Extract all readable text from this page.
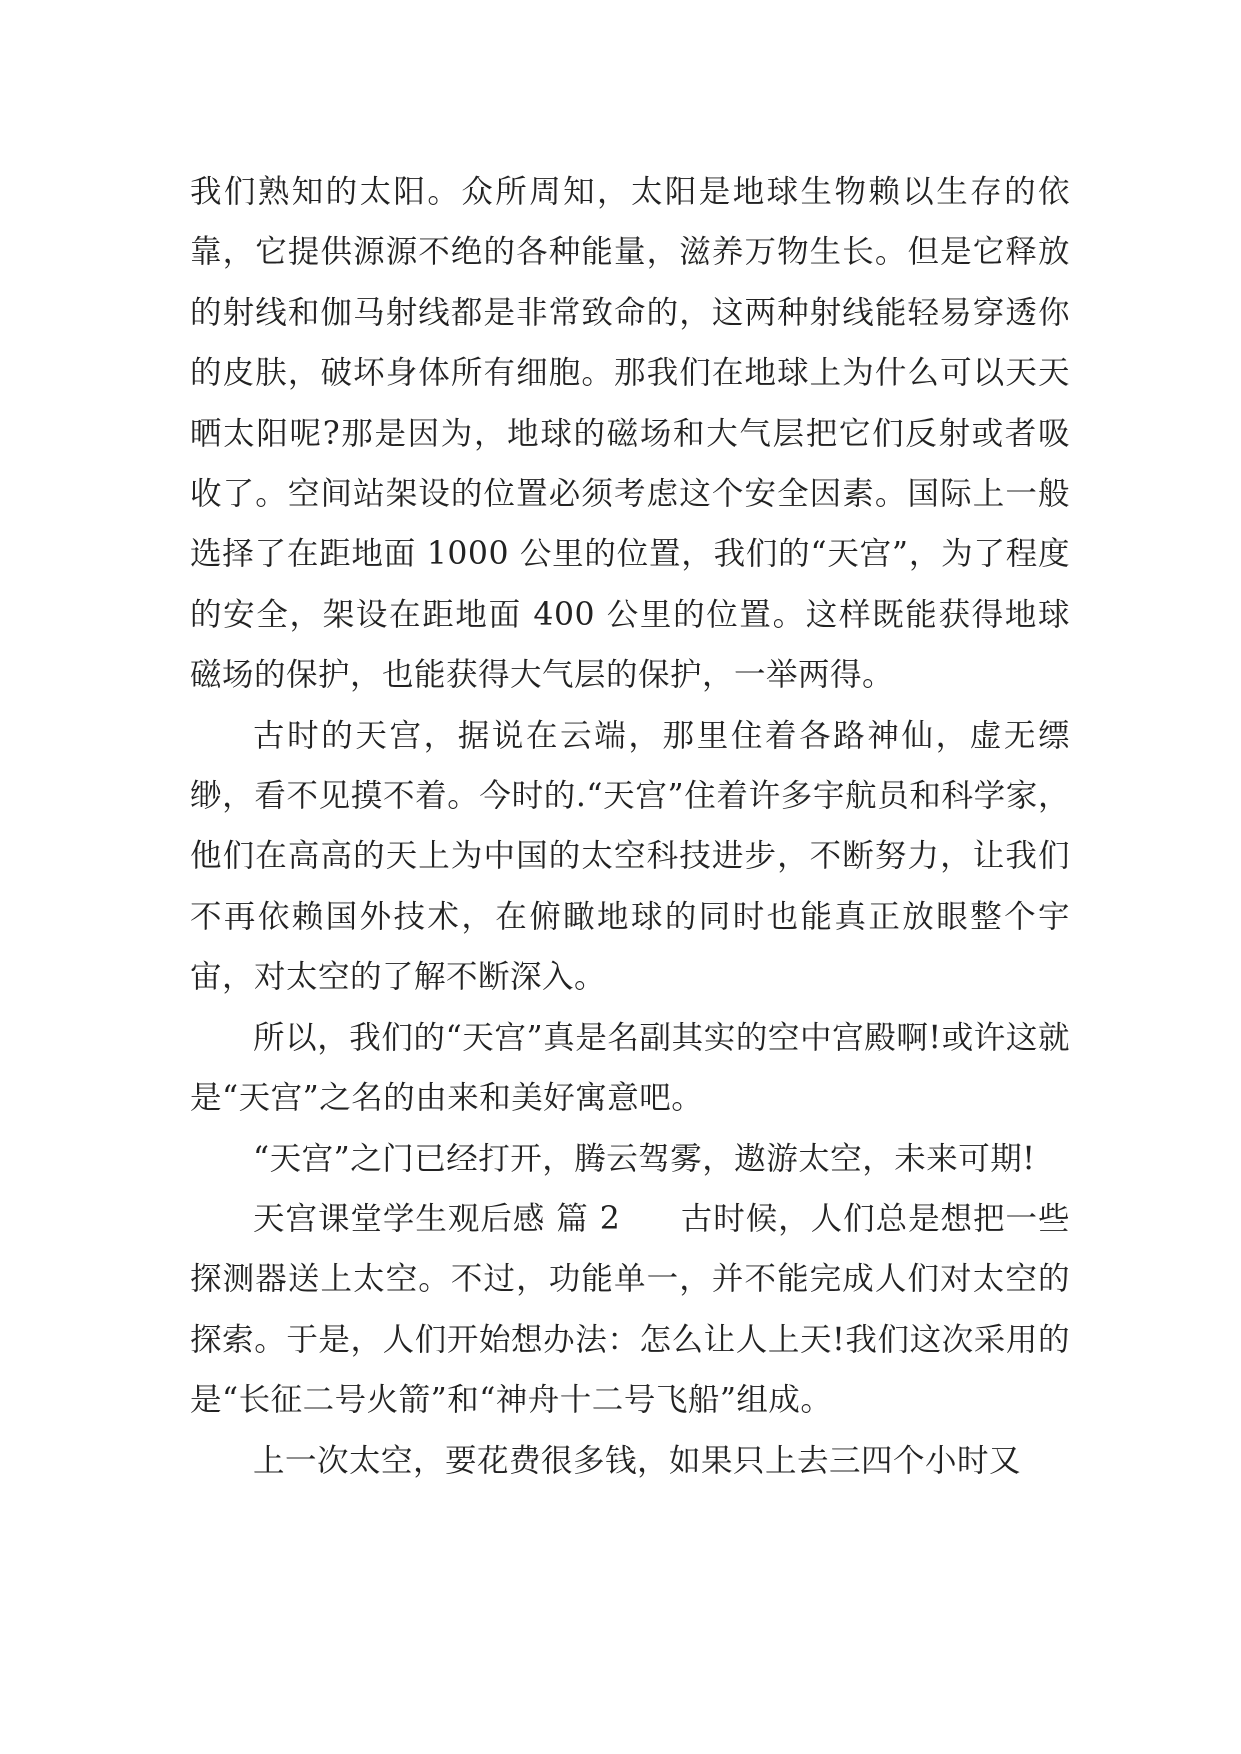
我们熟知的太阳。众所周知，太阳是地球生物赖以生存的依靠，它提供源源不绝的各种能量，滋养万物生长。但是它释放的射线和伽马射线都是非常致命的，这两种射线能轻易穿透你的皮肤，破坏身体所有细胞。那我们在地球上为什么可以天天晒太阳呢?那是因为，地球的磁场和大气层把它们反射或者吸收了。空间站架设的位置必须考虑这个安全因素。国际上一般选择了在距地面 1000 公里的位置，我们的“天宫”，为了程度的安全，架设在距地面 400 公里的位置。这样既能获得地球磁场的保护，也能获得大气层的保护，一举两得。

古时的天宫，据说在云端，那里住着各路神仙，虚无缥缈，看不见摸不着。今时的.“天宫”住着许多宇航员和科学家，他们在高高的天上为中国的太空科技进步，不断努力，让我们不再依赖国外技术，在俯瞰地球的同时也能真正放眼整个宇宙，对太空的了解不断深入。

所以，我们的“天宫”真是名副其实的空中宫殿啊!或许这就是“天宫”之名的由来和美好寓意吧。

“天宫”之门已经打开，腾云驾雾，遨游太空，未来可期!

天宫课堂学生观后感 篇 2 古时候，人们总是想把一些探测器送上太空。不过，功能单一，并不能完成人们对太空的探索。于是，人们开始想办法：怎么让人上天!我们这次采用的是“长征二号火箭”和“神舟十二号飞船”组成。

上一次太空，要花费很多钱，如果只上去三四个小时又
